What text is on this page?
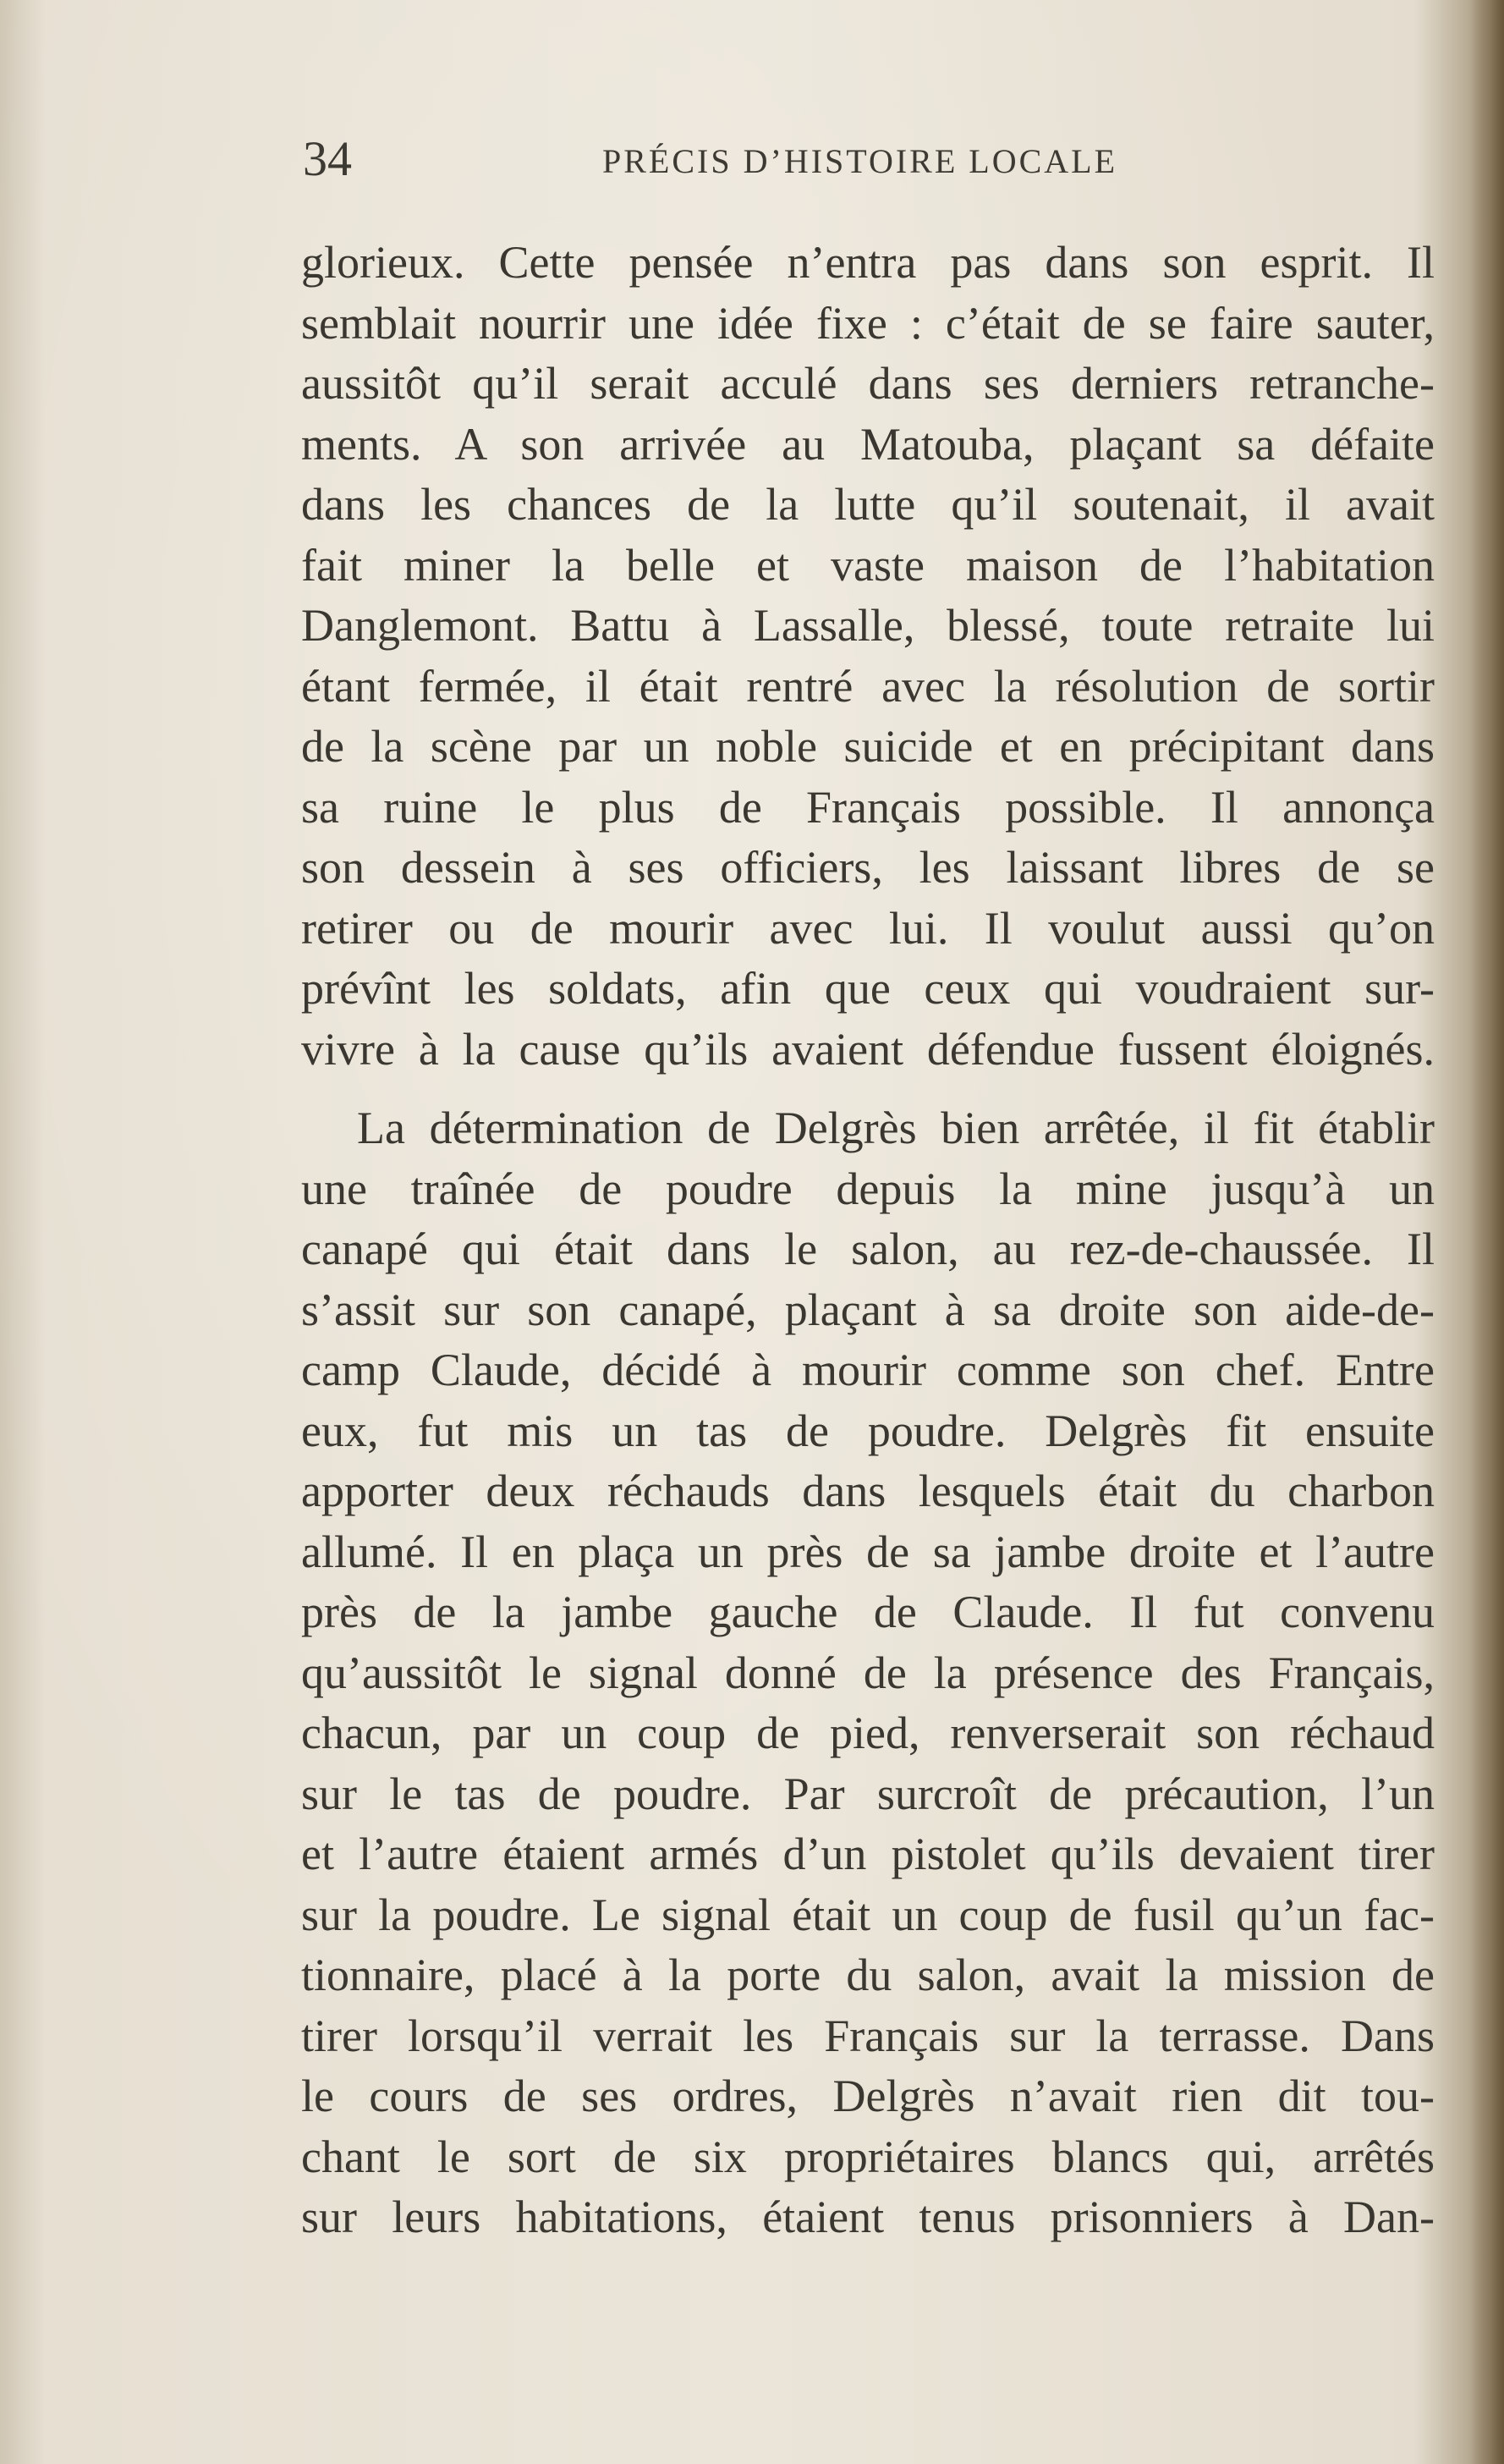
34	PRÉCIS D’HISTOIRE LOCALE
glorieux. Cette pensée n’entra pas dans son esprit. Il
semblait nourrir une idée fixe : c’était de se faire sauter,
aussitôt qu’il serait acculé dans ses derniers retranche-
ments. A son arrivée au Matouba, plaçant sa défaite
dans les chances de la lutte qu’il soutenait, il avait
fait miner la belle et vaste maison de l’habitation
Danglemont. Battu à Lassalle, blessé, toute retraite lui
étant fermée, il était rentré avec la résolution de sortir
de la scène par un noble suicide et en précipitant dans
sa ruine le plus de Français possible. Il annonça
son dessein à ses officiers, les laissant libres de se
retirer ou de mourir avec lui. Il voulut aussi qu’on
prévînt les soldats, afin que ceux qui voudraient sur-
vivre à la cause qu’ils avaient défendue fussent éloignés.
La détermination de Delgrès bien arrêtée, il fit établir
une traînée de poudre depuis la mine jusqu’à un
canapé qui était dans le salon, au rez-de-chaussée. Il
s’assit sur son canapé, plaçant à sa droite son aide-de-
camp Claude, décidé à mourir comme son chef. Entre
eux, fut mis un tas de poudre. Delgrès fit ensuite
apporter deux réchauds dans lesquels était du charbon
allumé. Il en plaça un près de sa jambe droite et l’autre
près de la jambe gauche de Claude. Il fut convenu
qu’aussitôt le signal donné de la présence des Français,
chacun, par un coup de pied, renverserait son réchaud
sur le tas de poudre. Par surcroît de précaution, l’un
et l’autre étaient armés d’un pistolet qu’ils devaient tirer
sur la poudre. Le signal était un coup de fusil qu’un fac-
tionnaire, placé à la porte du salon, avait la mission de
tirer lorsqu’il verrait les Français sur la terrasse. Dans
le cours de ses ordres, Delgrès n’avait rien dit tou-
chant le sort de six propriétaires blancs qui, arrêtés
sur leurs habitations, étaient tenus prisonniers à Dan-
